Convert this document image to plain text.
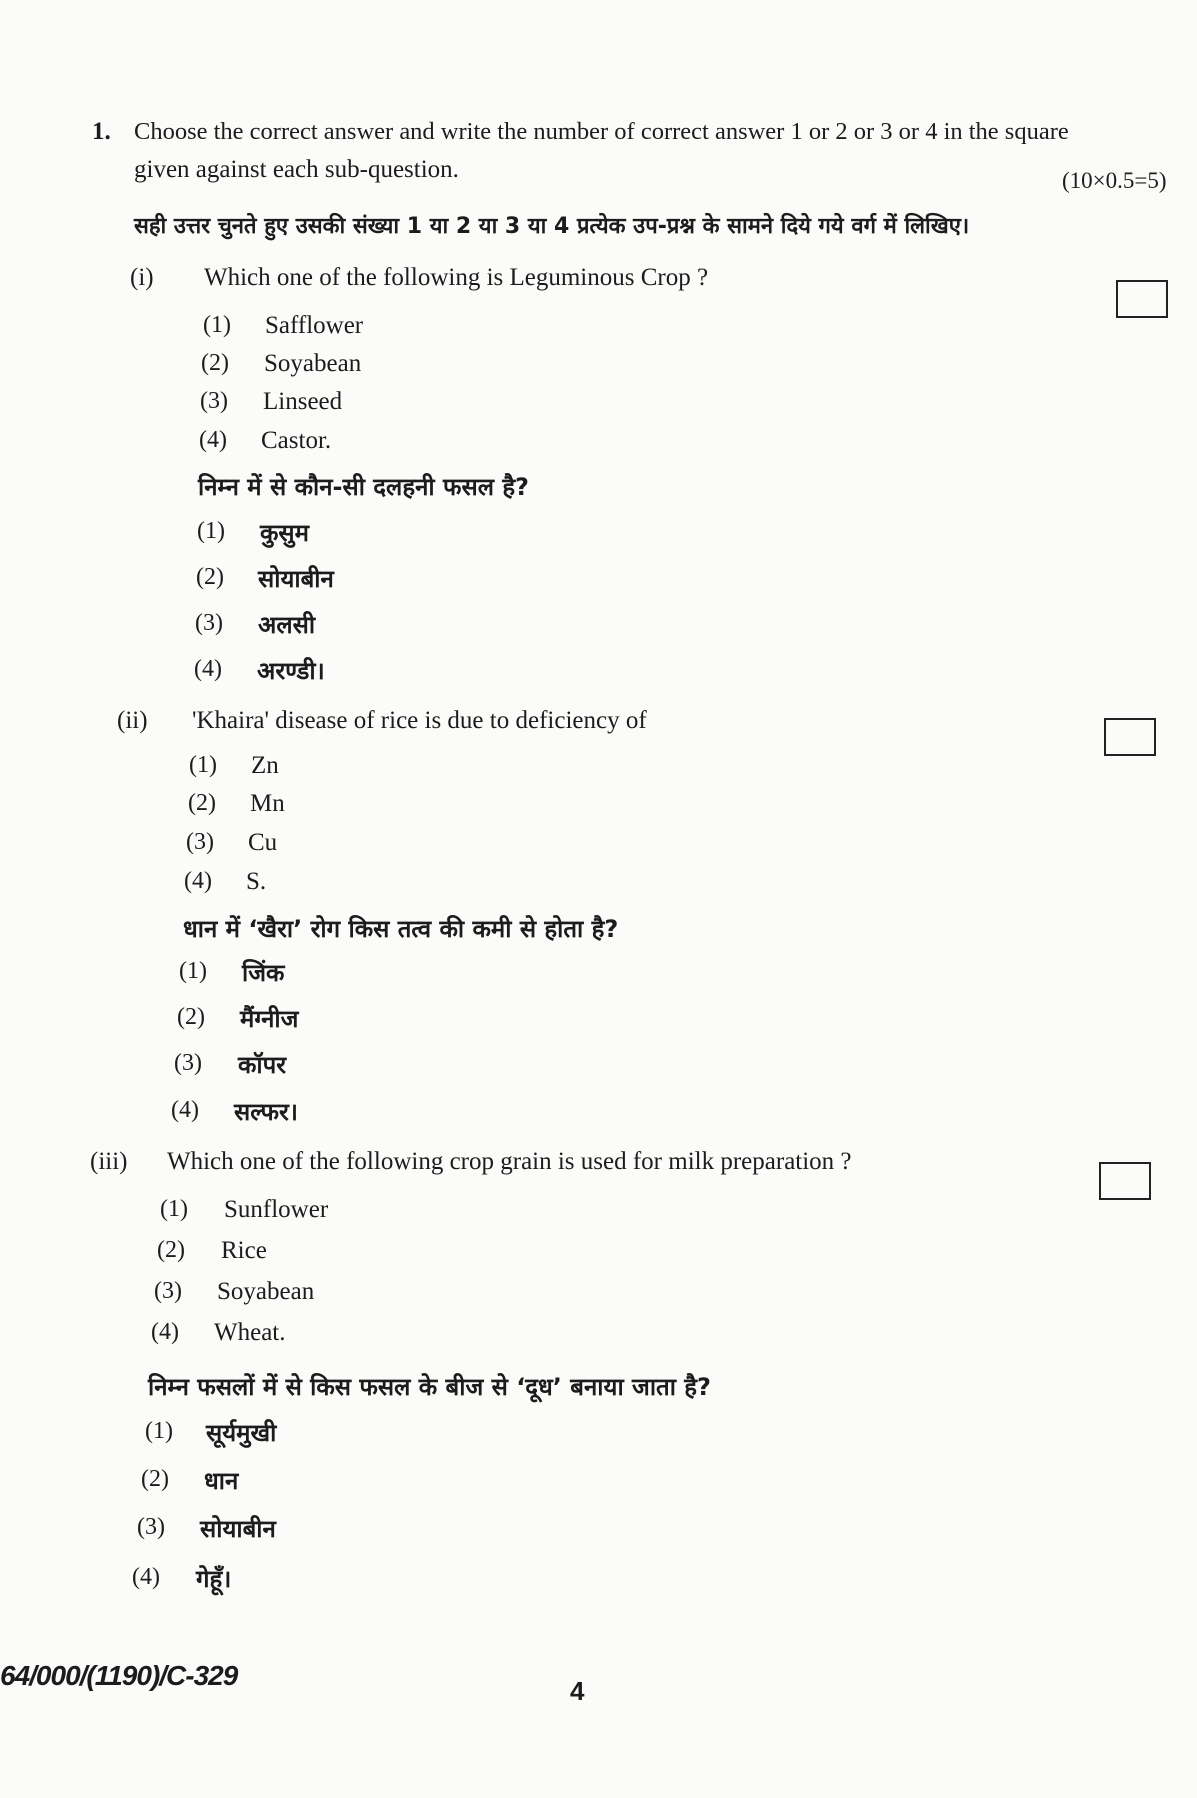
1. Choose the correct answer and write the number of correct answer 1 or 2 or 3 or 4 in the square
given against each sub-question.	(10×0.5=5)
सही उत्तर चुनते हुए उसकी संख्या 1 या 2 या 3 या 4 प्रत्येक उप-प्रश्न के सामने दिये गये वर्ग में लिखिए।
(i) Which one of the following is Leguminous Crop ?
(1) Safflower
(2) Soyabean
(3) Linseed
(4) Castor.
निम्न में से कौन-सी दलहनी फसल है?
(1) कुसुम
(2) सोयाबीन
(3) अलसी
(4) अरण्डी।
(ii) 'Khaira' disease of rice is due to deficiency of
(1) Zn
(2) Mn
(3) Cu
(4) S.
धान में ‘खैरा’ रोग किस तत्व की कमी से होता है?
(1) जिंक
(2) मैंग्नीज
(3) कॉपर
(4) सल्फर।
(iii) Which one of the following crop grain is used for milk preparation ?
(1) Sunflower
(2) Rice
(3) Soyabean
(4) Wheat.
निम्न फसलों में से किस फसल के बीज से ‘दूध’ बनाया जाता है?
(1) सूर्यमुखी
(2) धान
(3) सोयाबीन
(4) गेहूँ।
64/000/(1190)/C-329	4
